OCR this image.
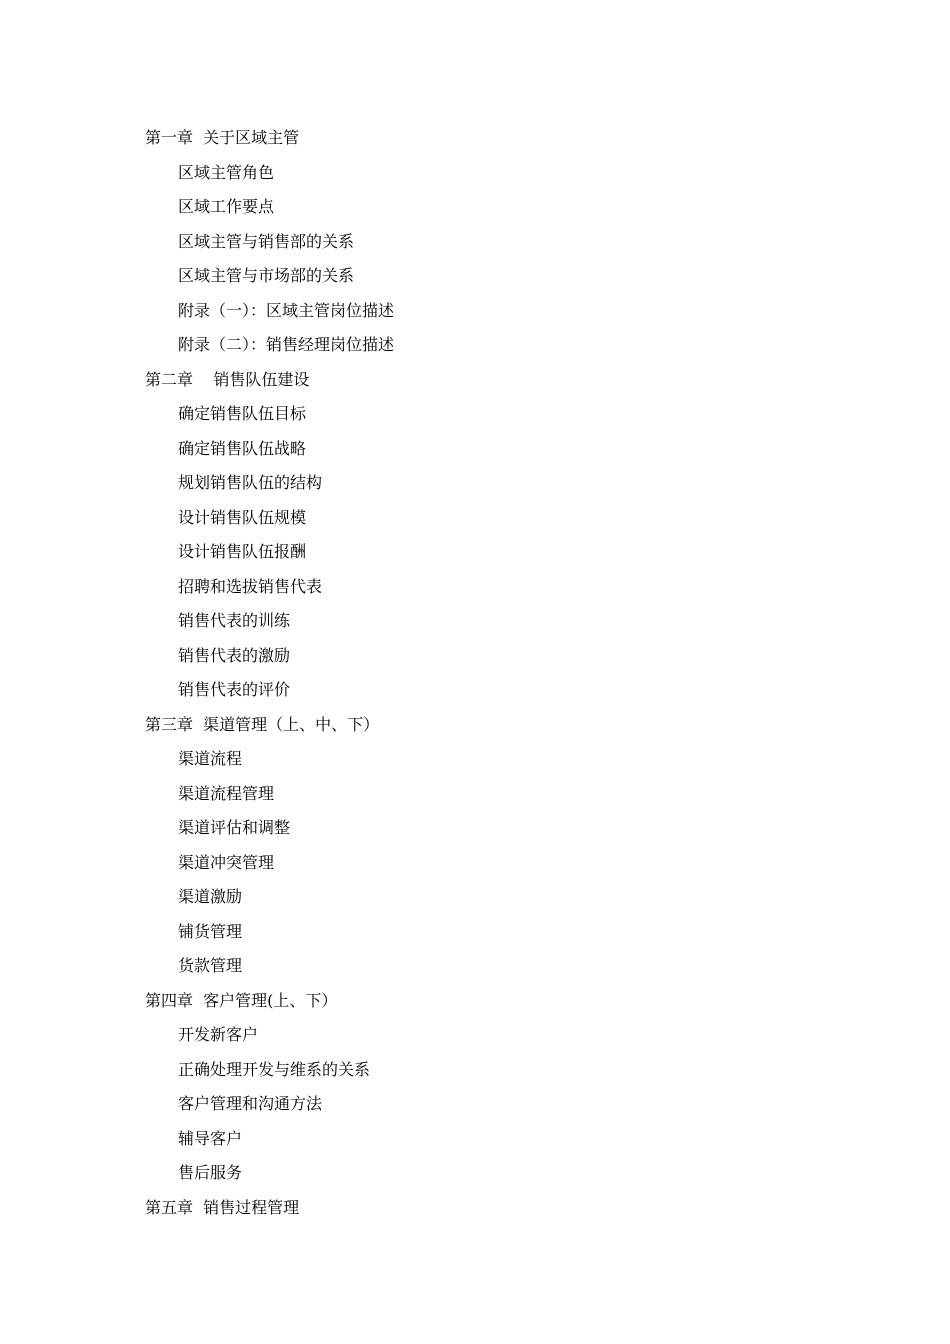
第一章  关于区域主管
区域主管角色
区域工作要点
区域主管与销售部的关系
区域主管与市场部的关系
附录（一）：区域主管岗位描述
附录（二）：销售经理岗位描述
第二章    销售队伍建设
确定销售队伍目标
确定销售队伍战略
规划销售队伍的结构
设计销售队伍规模
设计销售队伍报酬
招聘和选拔销售代表
销售代表的训练
销售代表的激励
销售代表的评价
第三章  渠道管理（上、中、下）
渠道流程
渠道流程管理
渠道评估和调整
渠道冲突管理
渠道激励
铺货管理
货款管理
第四章  客户管理(上、下）
开发新客户
正确处理开发与维系的关系
客户管理和沟通方法
辅导客户
售后服务
第五章  销售过程管理
